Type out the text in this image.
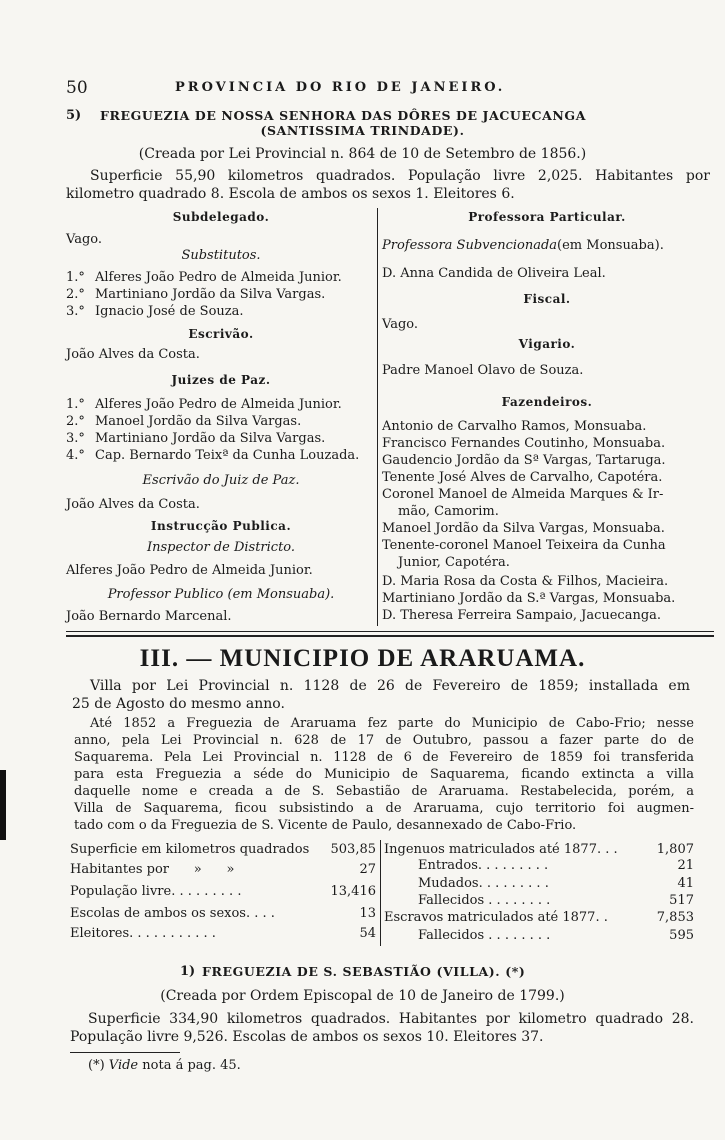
50	PROVINCIA DO RIO DE JANEIRO.
5) FREGUEZIA DE NOSSA SENHORA DAS DÔRES DE JACUECANGA
(SANTISSIMA TRINDADE).
(Creada por Lei Provincial n. 864 de 10 de Setembro de 1856.)
Superficie 55,90 kilometros quadrados. População livre 2,025. Habitantes por
kilometro quadrado 8. Escola de ambos os sexos 1. Eleitores 6.
Subdelegado.
Vago.
Substitutos.
1.° Alferes João Pedro de Almeida Junior.
2.° Martiniano Jordão da Silva Vargas.
3.° Ignacio José de Souza.
Escrivão.
João Alves da Costa.
Juizes de Paz.
1.° Alferes João Pedro de Almeida Junior.
2.° Manoel Jordão da Silva Vargas.
3.° Martiniano Jordão da Silva Vargas.
4.° Cap. Bernardo Teixª da Cunha Louzada.
Escrivão do Juiz de Paz.
João Alves da Costa.
Instrucção Publica.
Inspector de Districto.
Alferes João Pedro de Almeida Junior.
Professor Publico (em Monsuaba).
João Bernardo Marcenal.
Professora Particular.
Professora Subvencionada(em Monsuaba).
D. Anna Candida de Oliveira Leal.
Fiscal.
Vago.
Vigario.
Padre Manoel Olavo de Souza.
Fazendeiros.
Antonio de Carvalho Ramos, Monsuaba.
Francisco Fernandes Coutinho, Monsuaba.
Gaudencio Jordão da Sª Vargas, Tartaruga.
Tenente José Alves de Carvalho, Capotéra.
Coronel Manoel de Almeida Marques & Ir-
mão, Camorim.
Manoel Jordão da Silva Vargas, Monsuaba.
Tenente-coronel Manoel Teixeira da Cunha
Junior, Capotéra.
D. Maria Rosa da Costa & Filhos, Macieira.
Martiniano Jordão da S.ª Vargas, Monsuaba.
D. Theresa Ferreira Sampaio, Jacuecanga.
III. — MUNICIPIO DE ARARUAMA.
Villa por Lei Provincial n. 1128 de 26 de Fevereiro de 1859; installada em
25 de Agosto do mesmo anno.
Até 1852 a Freguezia de Araruama fez parte do Municipio de Cabo-Frio; nesse
anno, pela Lei Provincial n. 628 de 17 de Outubro, passou a fazer parte do de
Saquarema. Pela Lei Provincial n. 1128 de 6 de Fevereiro de 1859 foi transferida
para esta Freguezia a séde do Municipio de Saquarema, ficando extincta a villa
daquelle nome e creada a de S. Sebastião de Araruama. Restabelecida, porém, a
Villa de Saquarema, ficou subsistindo a de Araruama, cujo territorio foi augmen-
tado com o da Freguezia de S. Vicente de Paulo, desannexado de Cabo-Frio.
Superficie em kilometros quadrados	503,85
Habitantes por      »      »	27
População livre. . . . . . . . .	13,416
Escolas de ambos os sexos. . . .	13
Eleitores. . . . . . . . . . .	54
Ingenuos matriculados até 1877. . .	1,807
Entrados. . . . . . . . .	21
Mudados. . . . . . . . .	41
Fallecidos . . . . . . . .	517
Escravos matriculados até 1877. .	7,853
Fallecidos . . . . . . . .	595
1) FREGUEZIA DE S. SEBASTIÃO (VILLA). (*)
(Creada por Ordem Episcopal de 10 de Janeiro de 1799.)
Superficie 334,90 kilometros quadrados. Habitantes por kilometro quadrado 28.
População livre 9,526. Escolas de ambos os sexos 10. Eleitores 37.
(*) Vide nota á pag. 45.
